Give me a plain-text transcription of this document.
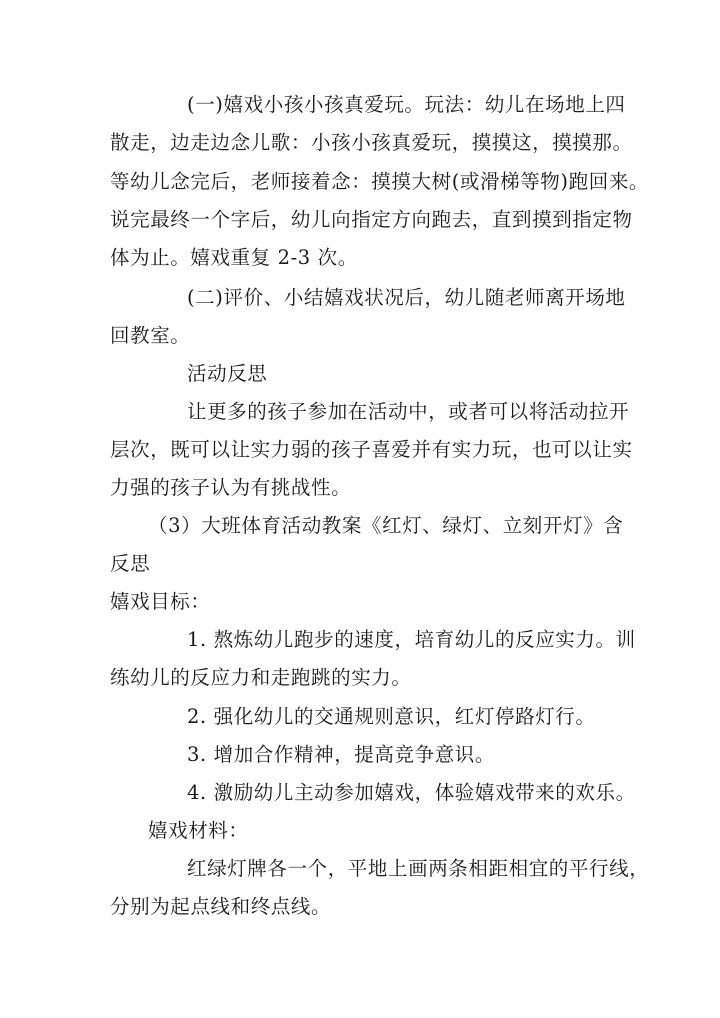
(一)嬉戏小孩小孩真爱玩。玩法：幼儿在场地上四
散走，边走边念儿歌：小孩小孩真爱玩，摸摸这，摸摸那。
等幼儿念完后，老师接着念：摸摸大树(或滑梯等物)跑回来。
说完最终一个字后，幼儿向指定方向跑去，直到摸到指定物
体为止。嬉戏重复 2-3 次。
(二)评价、小结嬉戏状况后，幼儿随老师离开场地
回教室。
活动反思
让更多的孩子参加在活动中，或者可以将活动拉开
层次，既可以让实力弱的孩子喜爱并有实力玩，也可以让实
力强的孩子认为有挑战性。
（3）大班体育活动教案《红灯、绿灯、立刻开灯》含
反思
嬉戏目标：
1. 熬炼幼儿跑步的速度，培育幼儿的反应实力。训
练幼儿的反应力和走跑跳的实力。
2. 强化幼儿的交通规则意识，红灯停路灯行。
3. 增加合作精神，提高竞争意识。
4. 激励幼儿主动参加嬉戏，体验嬉戏带来的欢乐。
嬉戏材料：
红绿灯牌各一个，平地上画两条相距相宜的平行线，
分别为起点线和终点线。
